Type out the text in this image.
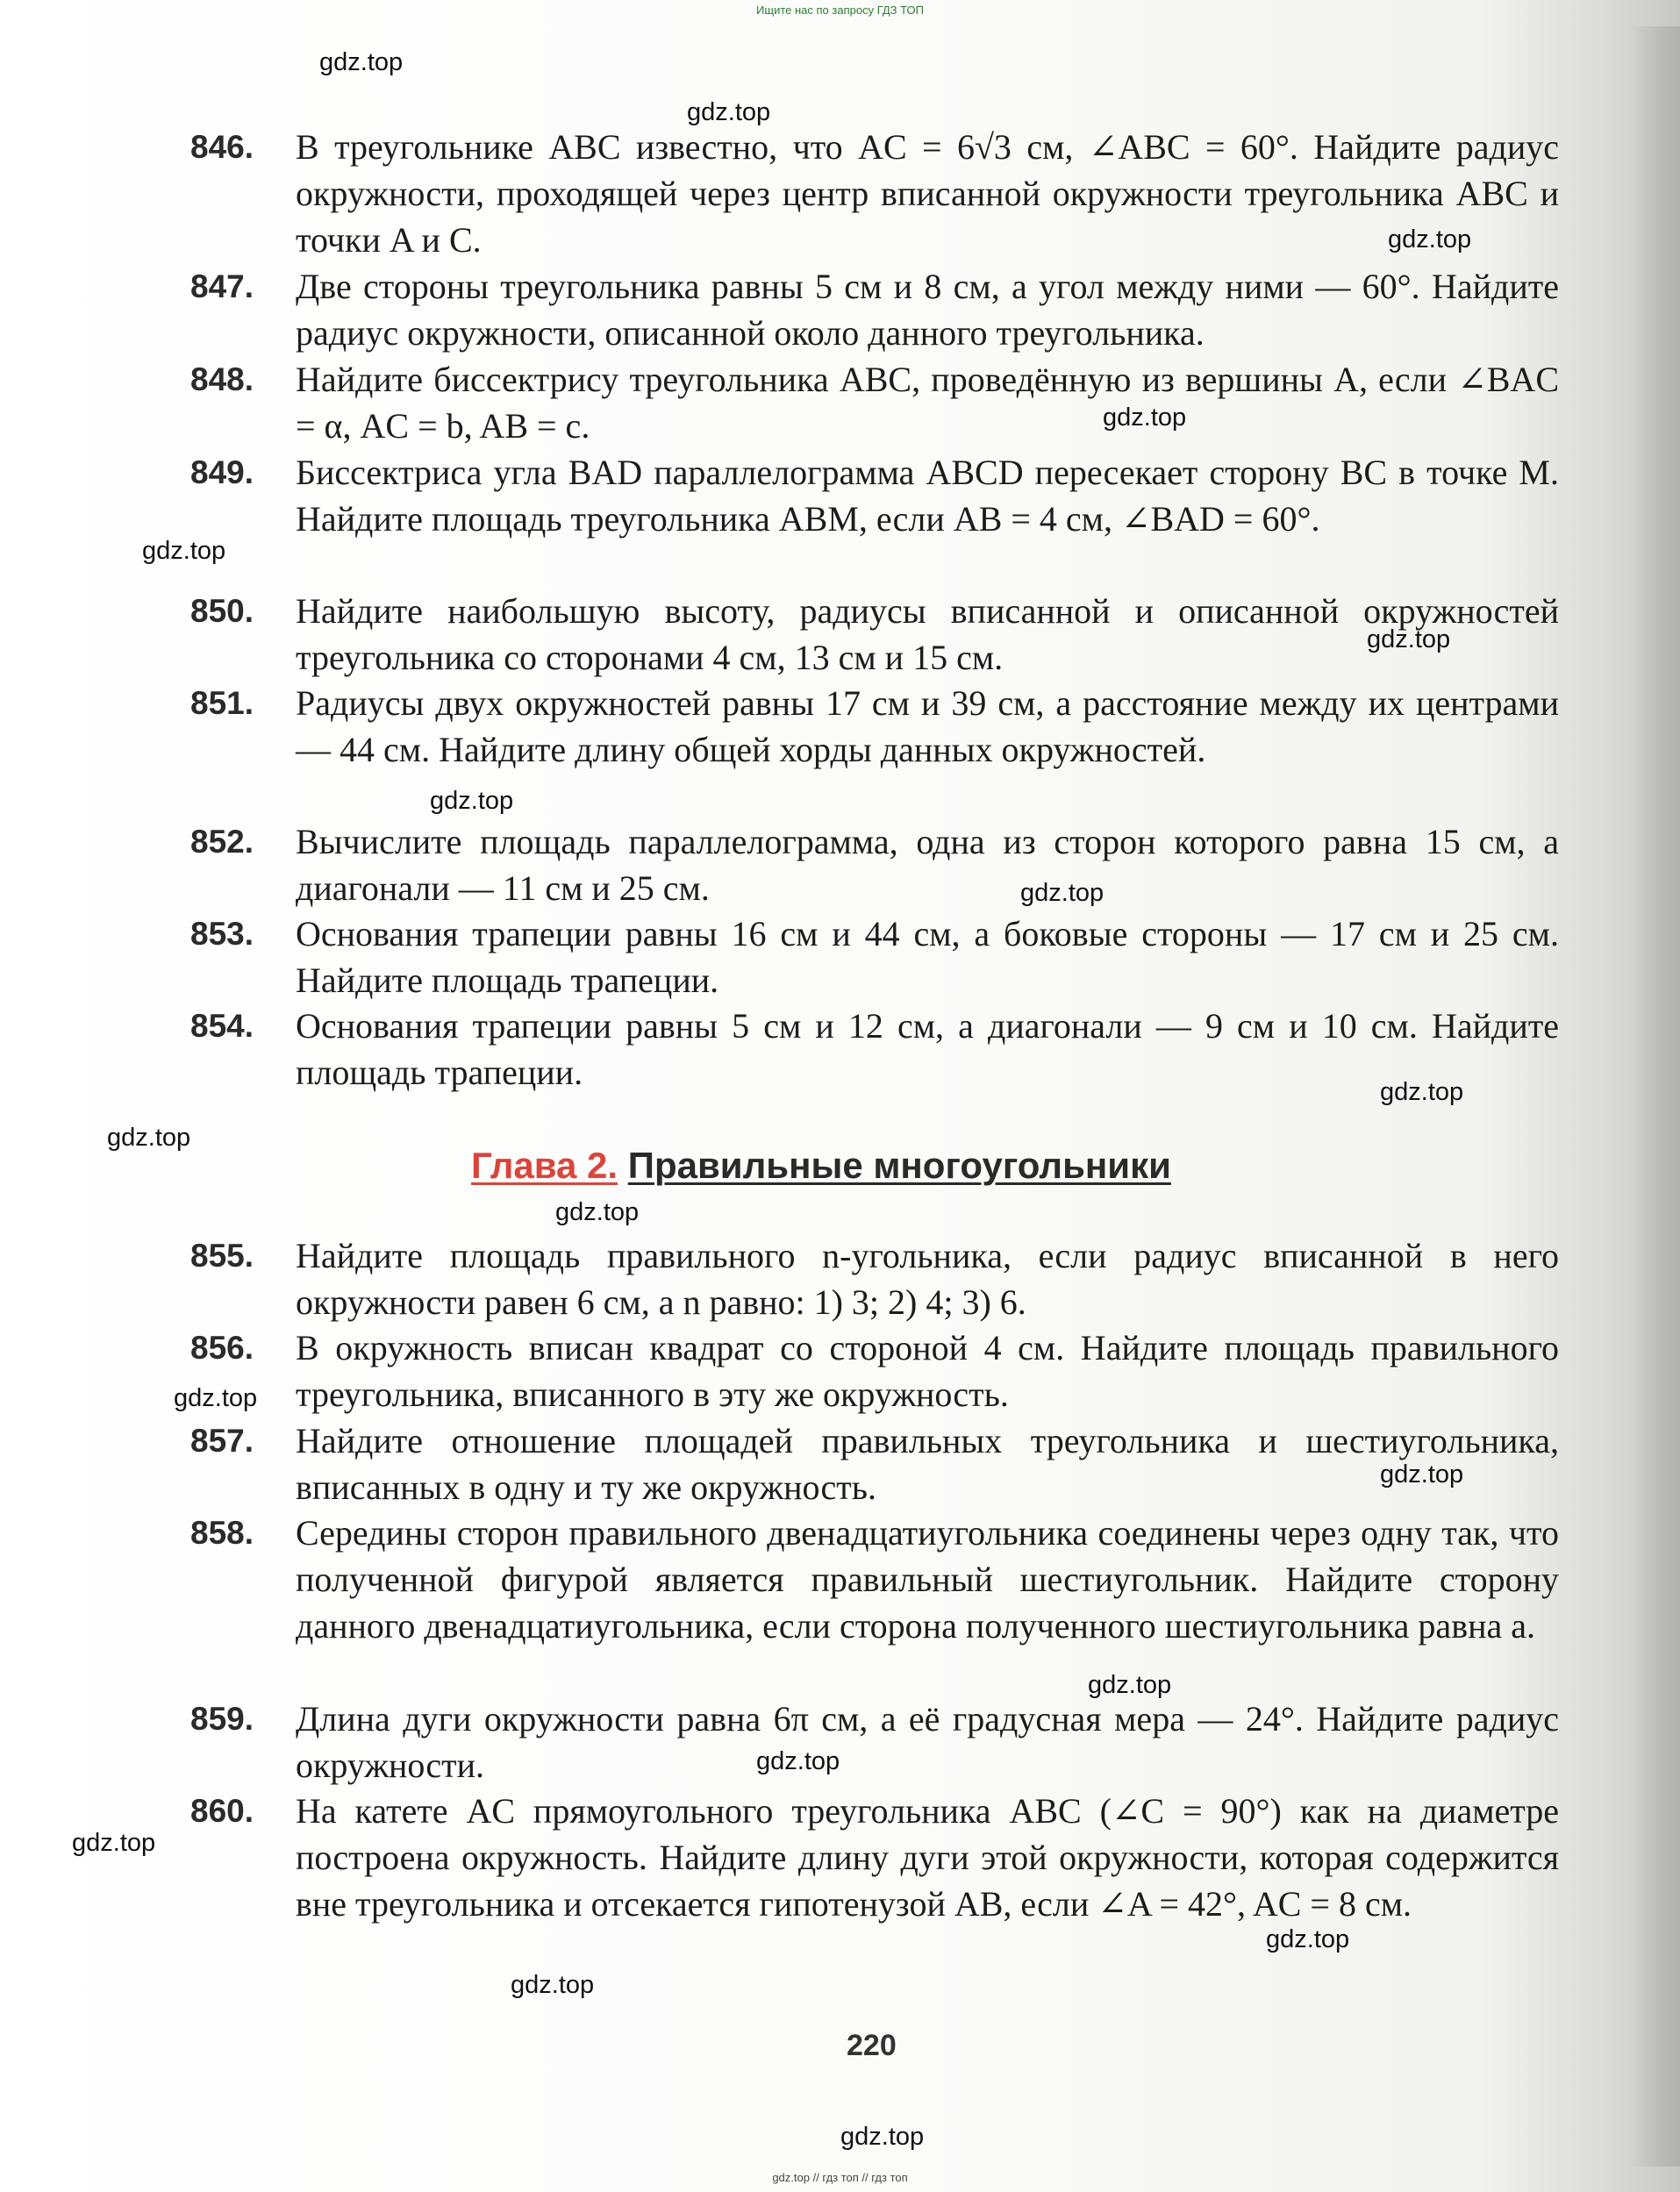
Ищите нас по запросу ГДЗ ТОП
846. В треугольнике ABC известно, что AC = 6√3 см, ∠ABC = 60°. Найдите радиус окружности, проходящей через центр вписанной окружности треугольника ABC и точки A и C.
847. Две стороны треугольника равны 5 см и 8 см, а угол между ними — 60°. Найдите радиус окружности, описанной около данного треугольника.
848. Найдите биссектрису треугольника ABC, проведённую из вершины A, если ∠BAC = α, AC = b, AB = c.
849. Биссектриса угла BAD параллелограмма ABCD пересекает сторону BC в точке M. Найдите площадь треугольника ABM, если AB = 4 см, ∠BAD = 60°.
850. Найдите наибольшую высоту, радиусы вписанной и описанной окружностей треугольника со сторонами 4 см, 13 см и 15 см.
851. Радиусы двух окружностей равны 17 см и 39 см, а расстояние между их центрами — 44 см. Найдите длину общей хорды данных окружностей.
852. Вычислите площадь параллелограмма, одна из сторон которого равна 15 см, а диагонали — 11 см и 25 см.
853. Основания трапеции равны 16 см и 44 см, а боковые стороны — 17 см и 25 см. Найдите площадь трапеции.
854. Основания трапеции равны 5 см и 12 см, а диагонали — 9 см и 10 см. Найдите площадь трапеции.
Глава 2. Правильные многоугольники
855. Найдите площадь правильного n-угольника, если радиус вписанной в него окружности равен 6 см, а n равно: 1) 3; 2) 4; 3) 6.
856. В окружность вписан квадрат со стороной 4 см. Найдите площадь правильного треугольника, вписанного в эту же окружность.
857. Найдите отношение площадей правильных треугольника и шестиугольника, вписанных в одну и ту же окружность.
858. Середины сторон правильного двенадцатиугольника соединены через одну так, что полученной фигурой является правильный шестиугольник. Найдите сторону данного двенадцатиугольника, если сторона полученного шестиугольника равна a.
859. Длина дуги окружности равна 6π см, а её градусная мера — 24°. Найдите радиус окружности.
860. На катете AC прямоугольного треугольника ABC (∠C = 90°) как на диаметре построена окружность. Найдите длину дуги этой окружности, которая содержится вне треугольника и отсекается гипотенузой AB, если ∠A = 42°, AC = 8 см.
220
gdz.top
gdz.top
gdz.top
gdz.top
gdz.top
gdz.top
gdz.top
gdz.top
gdz.top
gdz.top
gdz.top
gdz.top
gdz.top
gdz.top
gdz.top
gdz.top
gdz.top
gdz.top
gdz.top
gdz.top // гдз топ // гдз топ
